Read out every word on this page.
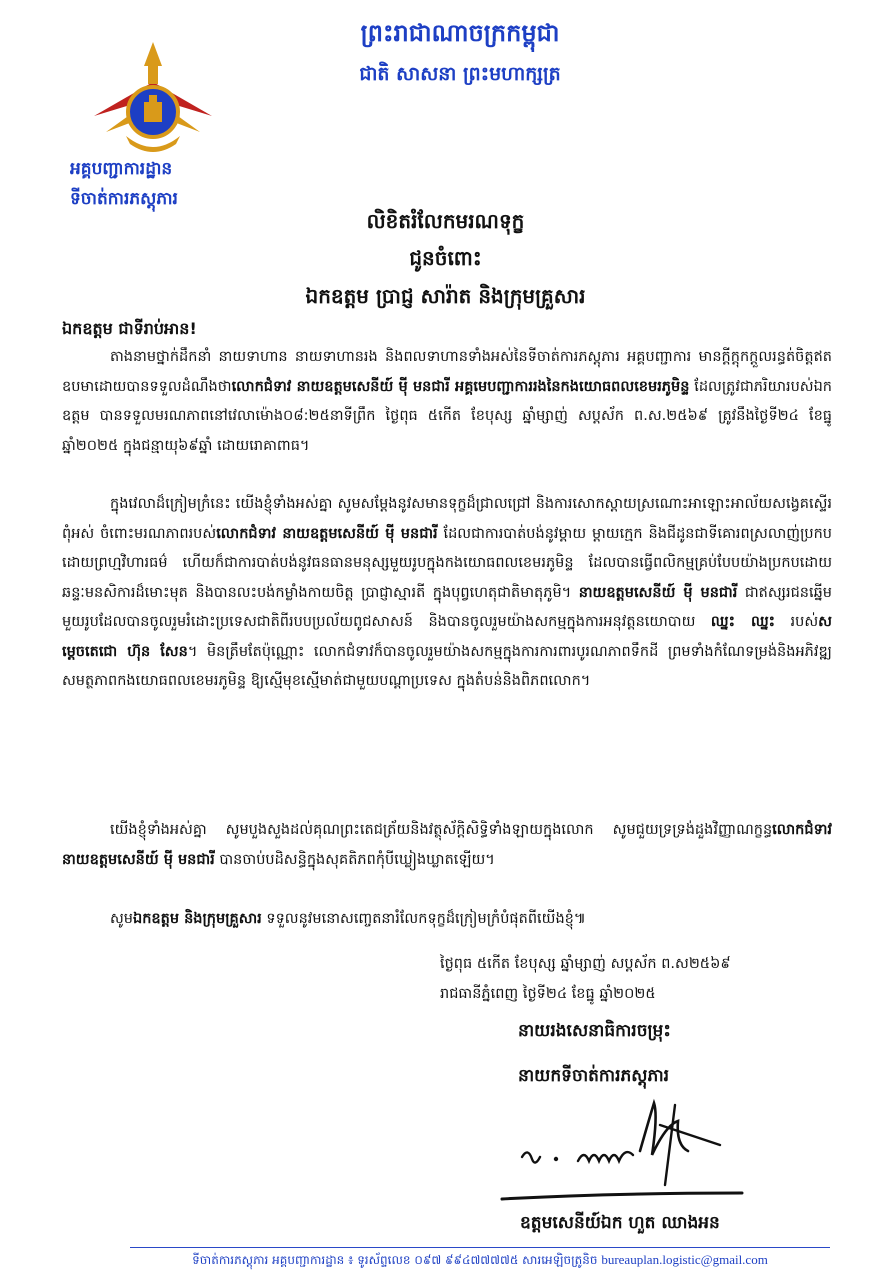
អគ្គបញ្ជាការដ្ឋាន
ទីចាត់ការភស្តុភារ
ព្រះរាជាណាចក្រកម្ពុជា
ជាតិ សាសនា ព្រះមហាក្សត្រ
លិខិតរំលែកមរណទុក្ខ
ជូនចំពោះ
ឯកឧត្តម ប្រាជ្ញ សារ៉ាត និងក្រុមគ្រួសារ
ឯកឧត្តម ជាទីរាប់អាន!

តាងនាមថ្នាក់ដឹកនាំ នាយទាហាន នាយទាហានរង និងពលទាហានទាំងអស់នៃទីចាត់ការភស្តុភារ អគ្គបញ្ជាការ មានក្តីក្តុកក្តួលរន្ធត់ចិត្តឥតឧបមាដោយបានទទួលដំណឹងថាលោកជំទាវ នាយឧត្តមសេនីយ៍ ម៉ី មនជារី អគ្គមេបញ្ជាការរងនៃកងយោធពលខេមរភូមិន្ទ ដែលត្រូវជាភរិយារបស់ឯកឧត្តម បានទទួលមរណភាពនៅវេលាម៉ោង០៨:២៥នាទីព្រឹក ថ្ងៃពុធ ៥កើត ខែបុស្ស ឆ្នាំម្សាញ់ សប្តស័ក ព.ស.២៥៦៩ ត្រូវនឹងថ្ងៃទី២៤ ខែធ្នូ ឆ្នាំ២០២៥ ក្នុងជន្មាយុ៦៩ឆ្នាំ ដោយរោគាពាធ។

ក្នុងវេលាដ៏ក្រៀមក្រំនេះ យើងខ្ញុំទាំងអស់គ្នា សូមសម្តែងនូវសមានទុក្ខដ៏ជ្រាលជ្រៅ និងការសោកស្តាយស្រណោះអាឡោះអាល័យសង្វេគស្ទើរពុំអស់ ចំពោះមរណភាពរបស់លោកជំទាវ នាយឧត្តមសេនីយ៍ ម៉ី មនជារី ដែលជាការបាត់បង់នូវម្តាយ ម្តាយក្មេក និងជីដូនជាទីគោរពស្រលាញ់ប្រកបដោយព្រហ្មវិហារធម៌ ហើយក៏ជាការបាត់បង់នូវធនធានមនុស្សមួយរូបក្នុងកងយោធពលខេមរភូមិន្ទ ដែលបានធ្វើពលិកម្មគ្រប់បែបយ៉ាងប្រកបដោយឆន្ទៈមនសិការដ៏មោះមុត និងបានលះបង់កម្លាំងកាយចិត្ត ប្រាជ្ញាស្មារតី ក្នុងបុព្វហេតុជាតិមាតុភូមិ។ នាយឧត្តមសេនីយ៍ ម៉ី មនជារី ជាឥស្សរជនឆ្នើមមួយរូបដែលបានចូលរួមរំដោះប្រទេសជាតិពីរបបប្រល័យពូជសាសន៍ និងបានចូលរួមយ៉ាងសកម្មក្នុងការអនុវត្តនយោបាយ ឈ្នះ ឈ្នះ របស់សម្តេចតេជោ ហ៊ុន សែន។ មិនត្រឹមតែប៉ុណ្ណោះ លោកជំទាវក៏បានចូលរួមយ៉ាងសកម្មក្នុងការការពារបូរណភាពទឹកដី ព្រមទាំងកំណែទម្រង់និងអភិវឌ្ឍសមត្ថភាពកងយោធពលខេមរភូមិន្ទ ឱ្យស្មើមុខស្មើមាត់ជាមួយបណ្តាប្រទេស ក្នុងតំបន់និងពិភពលោក។

យើងខ្ញុំទាំងអស់គ្នា សូមបួងសួងដល់គុណព្រះតេជត្រ័យនិងវត្ថុស័ក្តិសិទ្ធិទាំងឡាយក្នុងលោក សូមជួយទ្រទ្រង់ដួងវិញ្ញាណក្ខន្ធលោកជំទាវ នាយឧត្តមសេនីយ៍ ម៉ី មនជារី បានចាប់បដិសន្ធិក្នុងសុគតិភពកុំបីឃ្លៀងឃ្លាតឡើយ។

សូមឯកឧត្តម និងក្រុមគ្រួសារ ទទួលនូវមនោសញ្ចេតនារំលែកទុក្ខដ៏ក្រៀមក្រំបំផុតពីយើងខ្ញុំ៕
ថ្ងៃពុធ ៥កើត ខែបុស្ស ឆ្នាំម្សាញ់ សប្តស័ក ព.ស២៥៦៩
រាជធានីភ្នំពេញ ថ្ងៃទី២៤ ខែធ្នូ ឆ្នាំ២០២៥
នាយរងសេនាធិការចម្រុះ
នាយកទីចាត់ការភស្តុភារ
ឧត្តមសេនីយ៍ឯក ហួត ឈាងអន
ទីចាត់ការភស្តុភារ អគ្គបញ្ជាការដ្ឋាន ៖ ទូរស័ព្ទលេខ ០៩៧ ៩៩៤៧៧៧៧៥ សារអេឡិចត្រូនិច bureauplan.logistic@gmail.com
